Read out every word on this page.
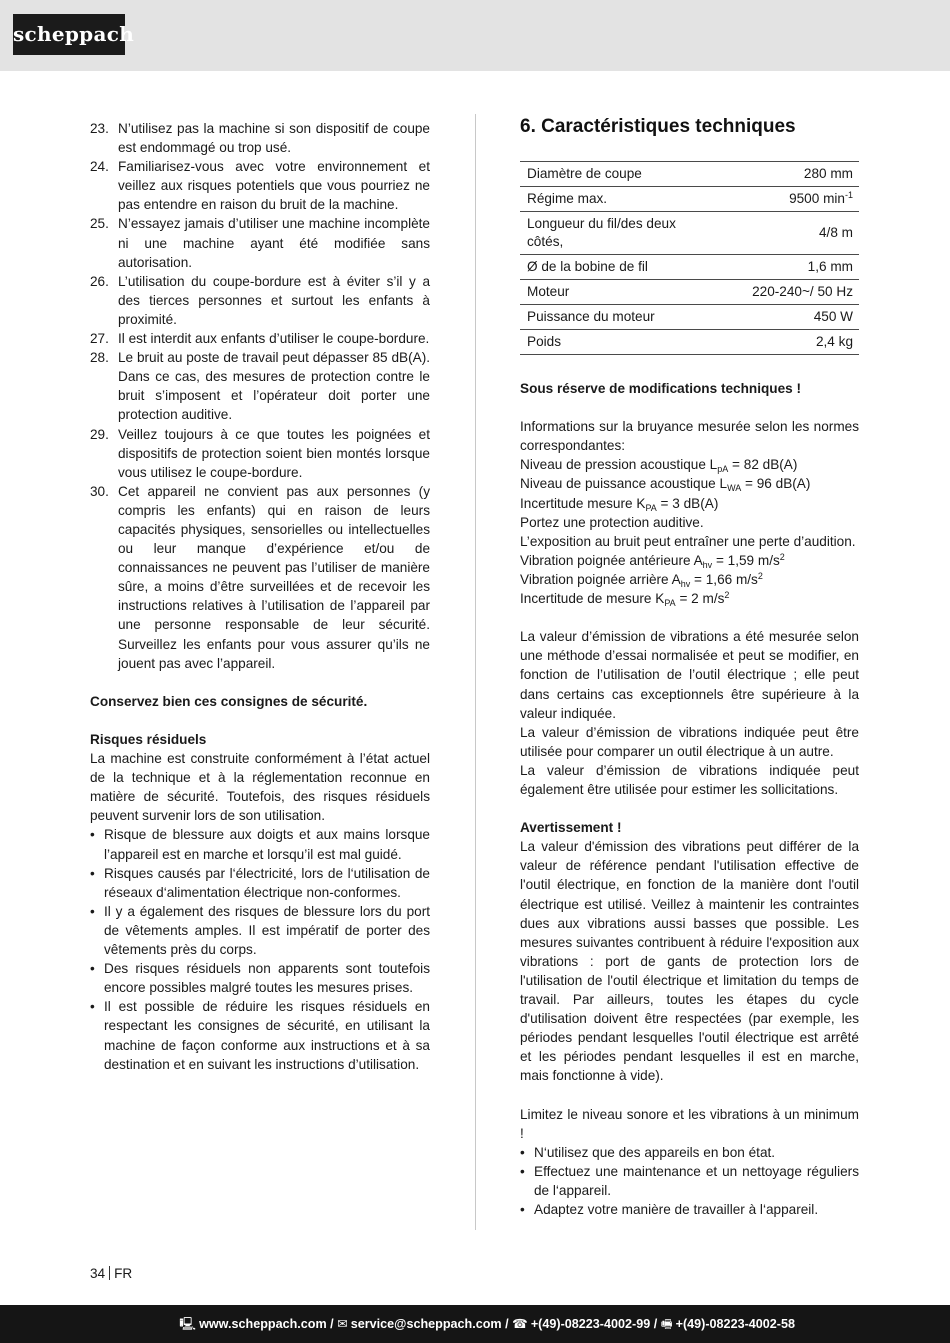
scheppach
23. N’utilisez pas la machine si son dispositif de coupe est endommagé ou trop usé.
24. Familiarisez-vous avec votre environnement et veillez aux risques potentiels que vous pourriez ne pas entendre en raison du bruit de la machine.
25. N’essayez jamais d’utiliser une machine incomplète ni une machine ayant été modifiée sans autorisation.
26. L’utilisation du coupe-bordure est à éviter s’il y a des tierces personnes et surtout les enfants à proximité.
27. Il est interdit aux enfants d’utiliser le coupe-bordure.
28. Le bruit au poste de travail peut dépasser 85 dB(A). Dans ce cas, des mesures de protection contre le bruit s’imposent et l’opérateur doit porter une protection auditive.
29. Veillez toujours à ce que toutes les poignées et dispositifs de protection soient bien montés lorsque vous utilisez le coupe-bordure.
30. Cet appareil ne convient pas aux personnes (y compris les enfants) qui en raison de leurs capacités physiques, sensorielles ou intellectuelles ou leur manque d’expérience et/ou de connaissances ne peuvent pas l’utiliser de manière sûre, a moins d’être surveillées et de recevoir les instructions relatives à l’utilisation de l’appareil par une personne responsable de leur sécurité. Surveillez les enfants pour vous assurer qu’ils ne jouent pas avec l’appareil.
Conservez bien ces consignes de sécurité.
Risques résiduels

La machine est construite conformément à l’état actuel de la technique et à la réglementation reconnue en matière de sécurité. Toutefois, des risques résiduels peuvent survenir lors de son utilisation.

• Risque de blessure aux doigts et aux mains lorsque l’appareil est en marche et lorsqu’il est mal guidé.
• Risques causés par l‘électricité, lors de l‘utilisation de réseaux d‘alimentation électrique non-conformes.
• Il y a également des risques de blessure lors du port de vêtements amples. Il est impératif de porter des vêtements près du corps.
• Des risques résiduels non apparents sont toutefois encore possibles malgré toutes les mesures prises.
• Il est possible de réduire les risques résiduels en respectant les consignes de sécurité, en utilisant la machine de façon conforme aux instructions et à sa destination et en suivant les instructions d’utilisation.
6. Caractéristiques techniques
Diamètre de coupe	280 mm
Régime max.	9500 $\min^{-1}$
Longueur du fil/des deux côtés,	4/8 m
Ø de la bobine de fil	1,6 mm
Moteur	220-240~/ 50 Hz
Puissance du moteur	450 W
Poids	2,4 kg
Sous réserve de modifications techniques !

Informations sur la bruyance mesurée selon les normes correspondantes:

Niveau de pression acoustique $L_{pA} = 82$ dB(A)
Niveau de puissance acoustique $L_{WA} = 96$ dB(A)
Incertitude mesure $K_{PA} = 3$ dB(A)
Portez une protection auditive.

L’exposition au bruit peut entraîner une perte d’audition.

Vibration poignée antérieure $A_{hv} = 1,59$ $m/s^2$
Vibration poignée arrière $A_{hv} = 1,66$ $m/s^2$
Incertitude de mesure $K_{PA} = 2$ $m/s^2$

La valeur d’émission de vibrations a été mesurée selon une méthode d’essai normalisée et peut se modifier, en fonction de l’utilisation de l’outil électrique ; elle peut dans certains cas exceptionnels être supérieure à la valeur indiquée.

La valeur d’émission de vibrations indiquée peut être utilisée pour comparer un outil électrique à un autre.

La valeur d’émission de vibrations indiquée peut également être utilisée pour estimer les sollicitations.

Avertissement !

La valeur d'émission des vibrations peut différer de la valeur de référence pendant l'utilisation effective de l'outil électrique, en fonction de la manière dont l'outil électrique est utilisé. Veillez à maintenir les contraintes dues aux vibrations aussi basses que possible. Les mesures suivantes contribuent à réduire l'exposition aux vibrations : port de gants de protection lors de l'utilisation de l'outil électrique et limitation du temps de travail. Par ailleurs, toutes les étapes du cycle d'utilisation doivent être respectées (par exemple, les périodes pendant lesquelles l'outil électrique est arrêté et les périodes pendant lesquelles il est en marche, mais fonctionne à vide).

Limitez le niveau sonore et les vibrations à un minimum !

• N‘utilisez que des appareils en bon état.
• Effectuez une maintenance et un nettoyage réguliers de l‘appareil.
• Adaptez votre manière de travailler à l‘appareil.
34 FR
🖳 www.scheppach.com / ✉ service@scheppach.com / ☎ +(49)-08223-4002-99 / 🖷 +(49)-08223-4002-58
